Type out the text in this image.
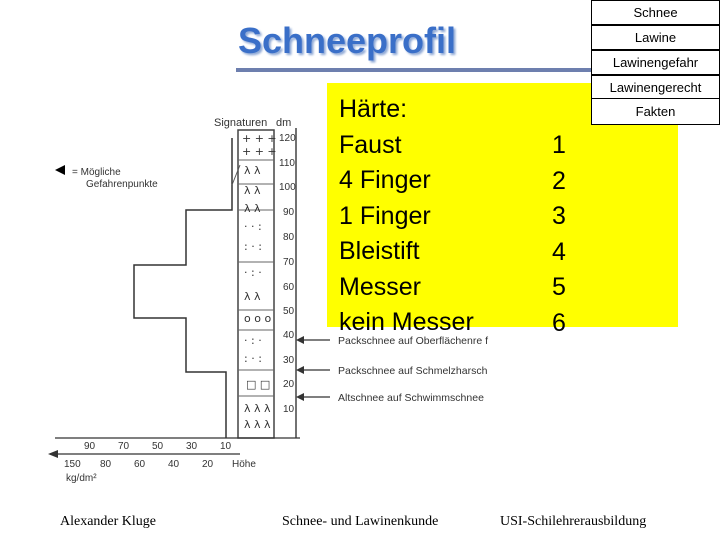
Schneeprofil
= Mögliche
Gefahrenpunkte
Signaturen dm
+ + +
+ + +
λ λ
λ λ
λ λ
· · :
: · :
· : ·
λ λ
o o o
· : ·
: · :
□ □
λ λ λ
λ λ λ
120
110
100
90
80
70
60
50
40
30
20
10
Packschnee auf Oberflächenre f
Packschnee auf Schmelzharsch
Altschnee auf Schwimmschnee
90 70 50 30 10
150 80 60 40 20 Höhe
kg/dm²
Härte:
Faust
4 Finger
1 Finger
Bleistift
Messer
kein Messer
1
2
3
4
5
6
Schnee
Lawine
Lawinengefahr
Lawinengerecht
Fakten
Alexander Kluge	Schnee- und Lawinenkunde	USI-Schilehrerausbildung
